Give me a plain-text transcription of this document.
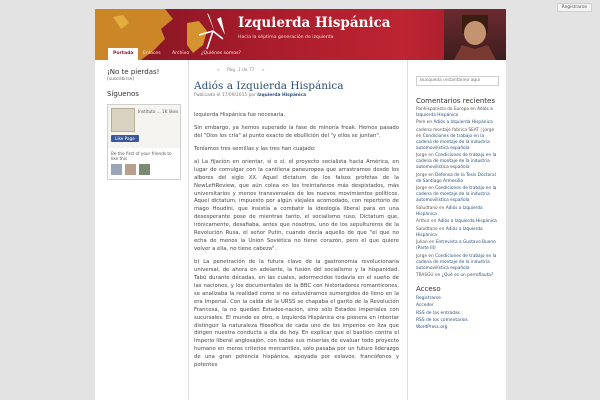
Registrarse
Izquierda Hispánica
Hacia la séptima generación de izquierda
Portada	Enlaces Archivo	¿Quiénes somos?
¡No te pierdas!
[suscribirse]
Síguenos
Instituto ... 1K likes
Like Page
Be the first of your friends to like this
« Pag. 1 de 77 »
Adiós a Izquierda Hispánica
Publicado el 17/09/2015 por Izquierda Hispánica

Izquierda Hispánica fue necesaria.

Sin embargo, ya hemos superado la fase de minoría freak. Hemos pasado del "Dios los cría" al punto exacto de ebullición del "y ellos se juntan".

Teníamos tres semillas y las tres han cuajado:

a) La fijación en orientar, si o sí, el proyecto socialista hacia América, en lugar de comulgar con la cantilena paneuropea que arrastramos desde los albores del siglo XX. Aquel dictatum de los falsos profetas de la NewLeftReview, que aún colea en los treintañeros más despistados, más universitarios y menos transversales de los nuevos movimientos políticos. Aquel dictatum, impuesto por algún viejales acomodado, con repertorio de mago Houdini, que insistía a combatir la ideología liberal para en una desesperante pose de mientras tanto, el socialismo ruso. Dictatum que, irónicamente, desafiaba, antes que nosotros, uno de los sepultureros de la Revolución Rusa, el señor Putin, cuando decía aquello de que "el que no echa de menos la Unión Soviética no tiene corazón, pero el que quiere volver a ella, no tiene cabeza".

b) La penetración de la futura clave de la gastronomía revolucionaria universal, de ahora en adelante, la fusión del socialismo y la hispanidad. Tabú durante décadas, en las cuales, adormecidos todavía en el sueño de las naciones, y los documentales de la BBC con historiadores romanticones, se analizaba la realidad como si no estuviéramos sumergidos de lleno en la era Imperial. Con la caída de la URSS se chapaba el garito de la Revolución Francesa, la no quedan Estados-nación, sino sólo Estados imperiales con sucursales. El mundo es otro, e Izquierda Hispánica era pionera en intentar distinguir la naturaleza filosófica de cada uno de los imperios en liza que dirigen nuestra conducta a día de hoy. En explicar que el bastión contra el Imperio liberal anglosajón, con todas sus miserias de evaluar todo proyecto humano en meros criterios mercantiles, sólo pasaba por un futuro liderazgo de una gran potencia hispánica, apoyada por eslavos, francófonos y potentes

Búsqueda instantánea aquí
Comentarios recientes
Panhispanista de Europa en Adiós a Izquierda Hispánica
Pere en Adiós a Izquierda Hispánica
cadena montaje fabrica SEAT | Jorge en Condiciones de trabajo en la cadena de montaje de la industria automovilística española
Jorge en Condiciones de trabajo en la cadena de montaje de la industria automovilística española
Jorge en Defensa de la Tesis Doctoral de Santiago Armesilla
Jorge en Condiciones de trabajo en la cadena de montaje de la industria automovilística española
Saludtano en Adiós a Izquierda Hispánica
Arthur en Adiós a Izquierda Hispánica
Saludtano en Adiós a Izquierda Hispánica
Julian en Entrevista a Gustavo Bueno (Parte III)
Jorge en Condiciones de trabajo en la cadena de montaje de la industria automovilística española
TRASGU en ¿Qué es un perroflauta?
Acceso
Registrarse
Acceder
RSS de las entradas
RSS de los comentarios
WordPress.org
